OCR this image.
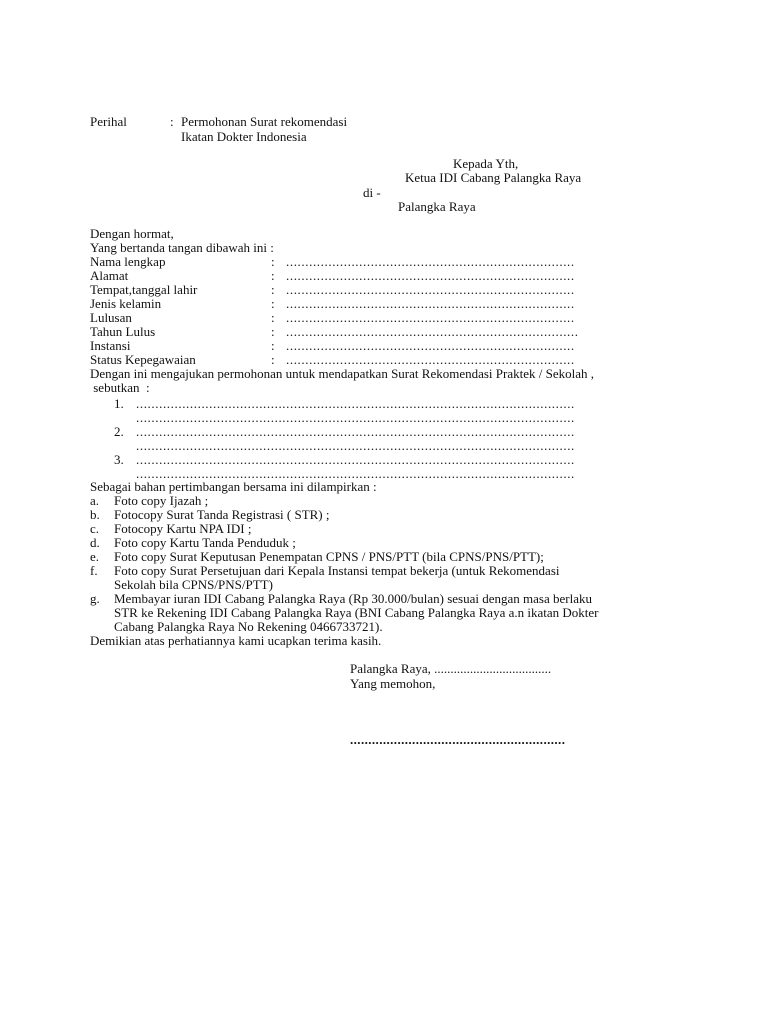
Perihal	: Permohonan Surat rekomendasi
Ikatan Dokter Indonesia
Kepada Yth,
Ketua IDI Cabang Palangka Raya
di -
Palangka Raya
Dengan hormat,
Yang bertanda tangan dibawah ini :
Nama lengkap	: ...........................................................................
Alamat	: ...........................................................................
Tempat,tanggal lahir	: ...........................................................................
Jenis kelamin	: ...........................................................................
Lulusan	: ...........................................................................
Tahun Lulus	: ............................................................................
Instansi	: ...........................................................................
Status Kepegawaian	: ...........................................................................
Dengan ini mengajukan permohonan untuk mendapatkan Surat Rekomendasi Praktek / Sekolah ,
sebutkan  :
1. ..................................................................................................................
..................................................................................................................
2. ..................................................................................................................
..................................................................................................................
3. ..................................................................................................................
..................................................................................................................
Sebagai bahan pertimbangan bersama ini dilampirkan :
a. Foto copy Ijazah ;
b. Fotocopy Surat Tanda Registrasi ( STR) ;
c. Fotocopy Kartu NPA IDI ;
d. Foto copy Kartu Tanda Penduduk ;
e. Foto copy Surat Keputusan Penempatan CPNS / PNS/PTT (bila CPNS/PNS/PTT);
f. Foto copy Surat Persetujuan dari Kepala Instansi tempat bekerja (untuk Rekomendasi
Sekolah bila CPNS/PNS/PTT)
g. Membayar iuran IDI Cabang Palangka Raya (Rp 30.000/bulan) sesuai dengan masa berlaku
STR ke Rekening IDI Cabang Palangka Raya (BNI Cabang Palangka Raya a.n ikatan Dokter
Cabang Palangka Raya No Rekening 0466733721).
Demikian atas perhatiannya kami ucapkan terima kasih.
Palangka Raya, ....................................
Yang memohon,
...........................................................
